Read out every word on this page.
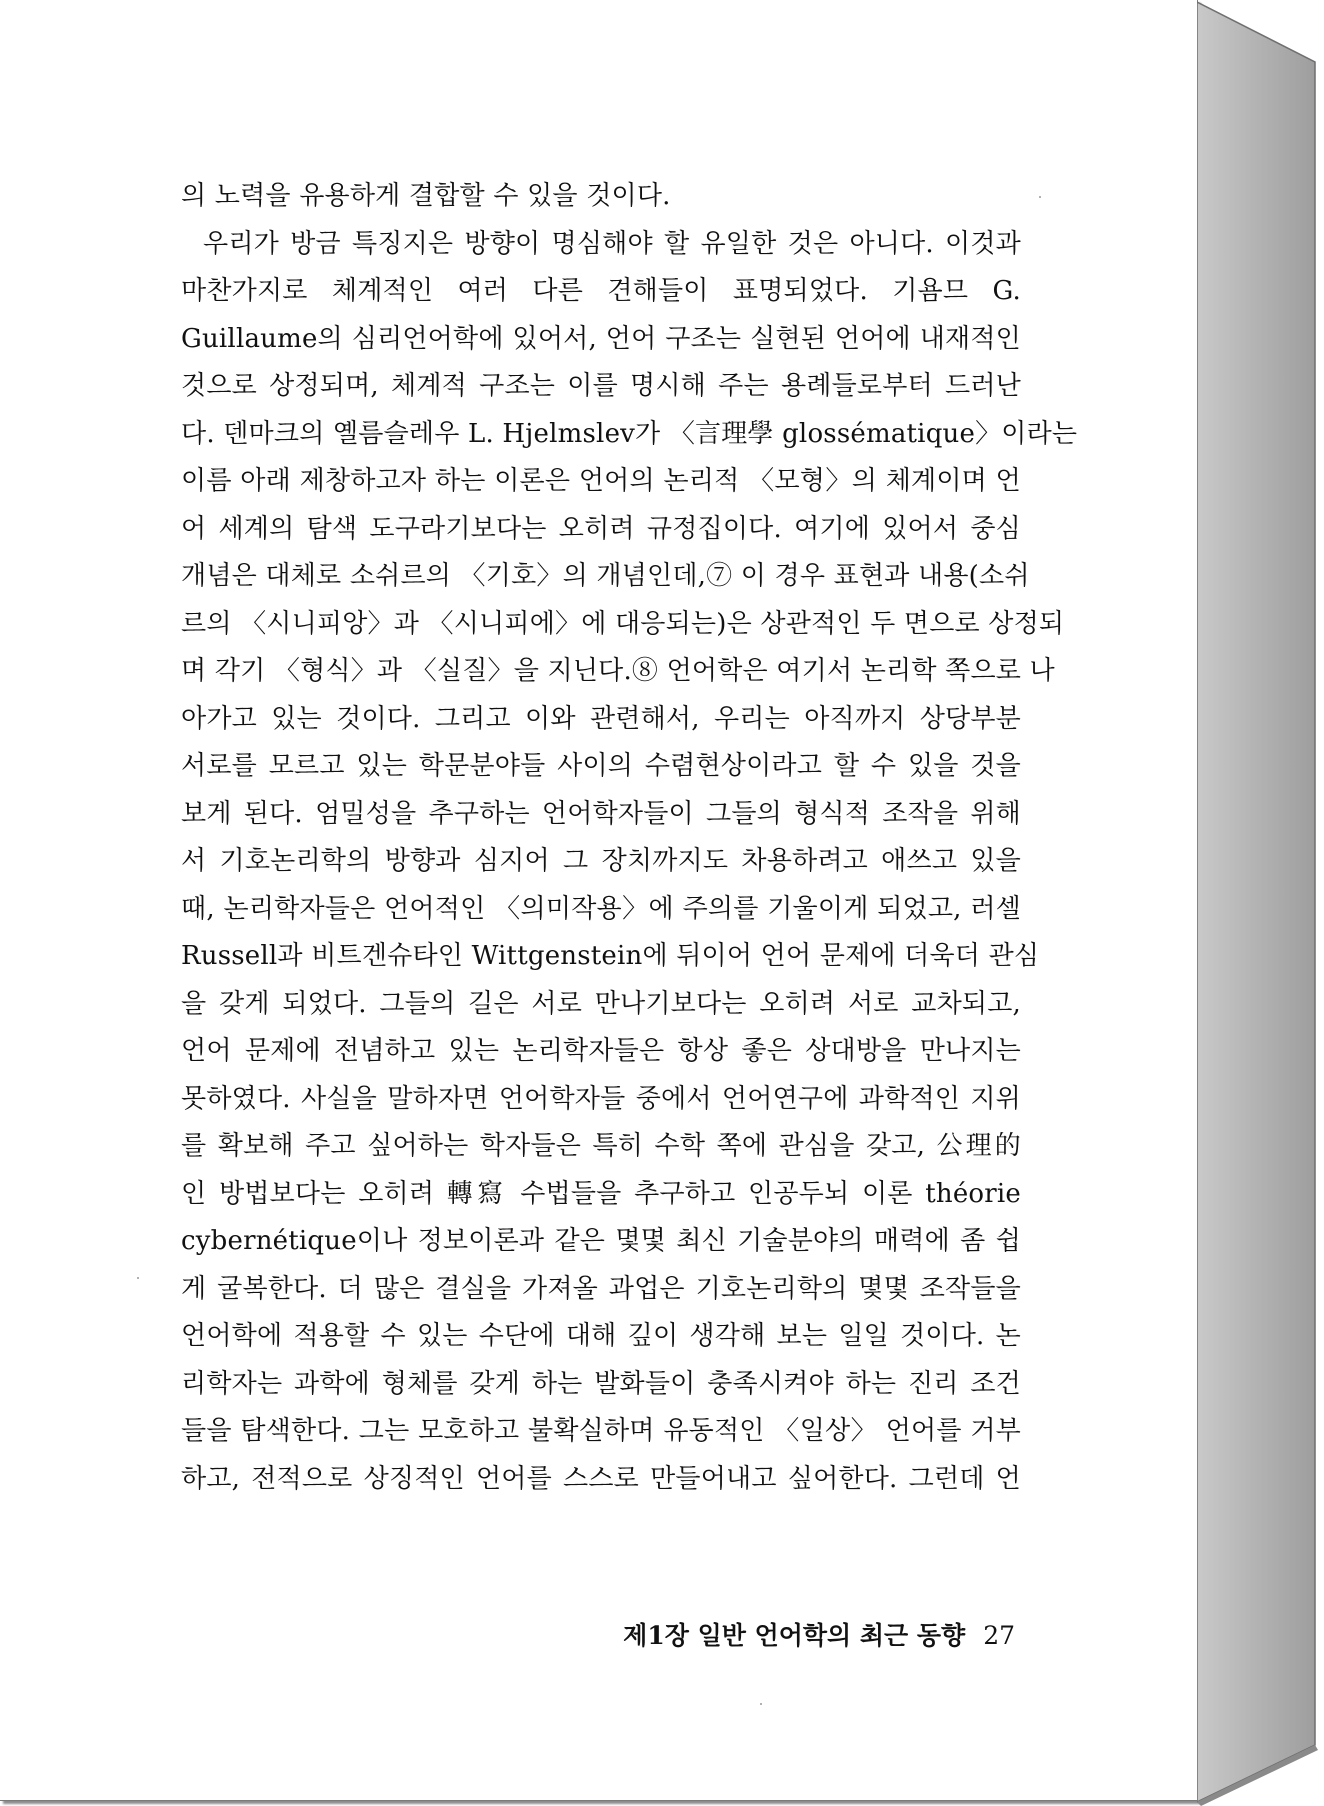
의 노력을 유용하게 결합할 수 있을 것이다.
우리가 방금 특징지은 방향이 명심해야 할 유일한 것은 아니다. 이것과
마찬가지로 체계적인 여러 다른 견해들이 표명되었다. 기욤므 G.
Guillaume의 심리언어학에 있어서, 언어 구조는 실현된 언어에 내재적인
것으로 상정되며, 체계적 구조는 이를 명시해 주는 용례들로부터 드러난
다. 덴마크의 옐름슬레우 L. Hjelmslev가 〈言理學 glossématique〉이라는
이름 아래 제창하고자 하는 이론은 언어의 논리적 〈모형〉의 체계이며 언
어 세계의 탐색 도구라기보다는 오히려 규정집이다. 여기에 있어서 중심
개념은 대체로 소쉬르의 〈기호〉의 개념인데,⑦ 이 경우 표현과 내용(소쉬
르의 〈시니피앙〉과 〈시니피에〉에 대응되는)은 상관적인 두 면으로 상정되
며 각기 〈형식〉과 〈실질〉을 지닌다.⑧ 언어학은 여기서 논리학 쪽으로 나
아가고 있는 것이다. 그리고 이와 관련해서, 우리는 아직까지 상당부분
서로를 모르고 있는 학문분야들 사이의 수렴현상이라고 할 수 있을 것을
보게 된다. 엄밀성을 추구하는 언어학자들이 그들의 형식적 조작을 위해
서 기호논리학의 방향과 심지어 그 장치까지도 차용하려고 애쓰고 있을
때, 논리학자들은 언어적인 〈의미작용〉에 주의를 기울이게 되었고, 러셀
Russell과 비트겐슈타인 Wittgenstein에 뒤이어 언어 문제에 더욱더 관심
을 갖게 되었다. 그들의 길은 서로 만나기보다는 오히려 서로 교차되고,
언어 문제에 전념하고 있는 논리학자들은 항상 좋은 상대방을 만나지는
못하였다. 사실을 말하자면 언어학자들 중에서 언어연구에 과학적인 지위
를 확보해 주고 싶어하는 학자들은 특히 수학 쪽에 관심을 갖고, 公理的
인 방법보다는 오히려 轉寫 수법들을 추구하고 인공두뇌 이론 théorie
cybernétique이나 정보이론과 같은 몇몇 최신 기술분야의 매력에 좀 쉽
게 굴복한다. 더 많은 결실을 가져올 과업은 기호논리학의 몇몇 조작들을
언어학에 적용할 수 있는 수단에 대해 깊이 생각해 보는 일일 것이다. 논
리학자는 과학에 형체를 갖게 하는 발화들이 충족시켜야 하는 진리 조건
들을 탐색한다. 그는 모호하고 불확실하며 유동적인 〈일상〉 언어를 거부
하고, 전적으로 상징적인 언어를 스스로 만들어내고 싶어한다. 그런데 언
제1장 일반 언어학의 최근 동향 27
